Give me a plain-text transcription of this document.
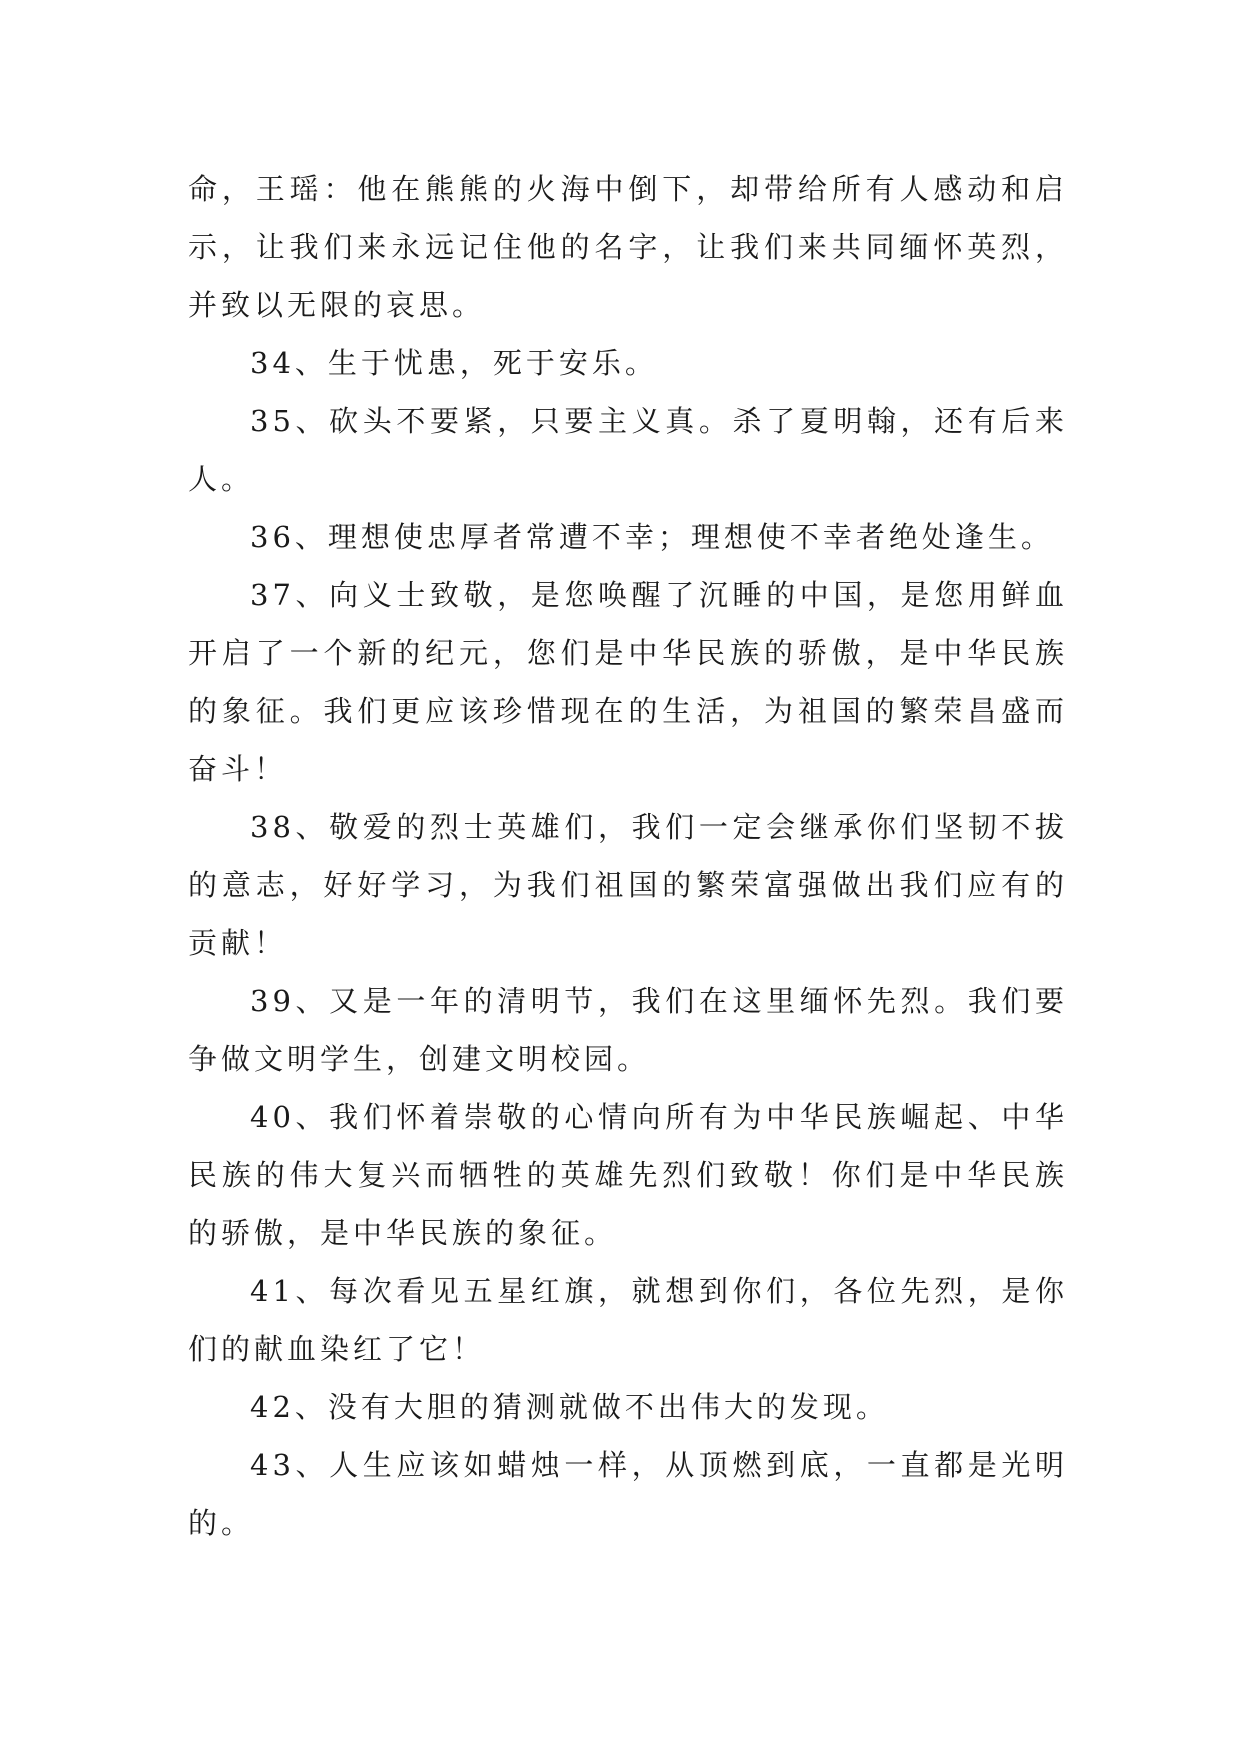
命，王瑶：他在熊熊的火海中倒下，却带给所有人感动和启示，让我们来永远记住他的名字，让我们来共同缅怀英烈，并致以无限的哀思。

34、生于忧患，死于安乐。

35、砍头不要紧，只要主义真。杀了夏明翰，还有后来人。

36、理想使忠厚者常遭不幸；理想使不幸者绝处逢生。

37、向义士致敬，是您唤醒了沉睡的中国，是您用鲜血开启了一个新的纪元，您们是中华民族的骄傲，是中华民族的象征。我们更应该珍惜现在的生活，为祖国的繁荣昌盛而奋斗！

38、敬爱的烈士英雄们，我们一定会继承你们坚韧不拔的意志，好好学习，为我们祖国的繁荣富强做出我们应有的贡献！

39、又是一年的清明节，我们在这里缅怀先烈。我们要争做文明学生，创建文明校园。

40、我们怀着崇敬的心情向所有为中华民族崛起、中华民族的伟大复兴而牺牲的英雄先烈们致敬！你们是中华民族的骄傲，是中华民族的象征。

41、每次看见五星红旗，就想到你们，各位先烈，是你们的献血染红了它！

42、没有大胆的猜测就做不出伟大的发现。

43、人生应该如蜡烛一样，从顶燃到底，一直都是光明的。
